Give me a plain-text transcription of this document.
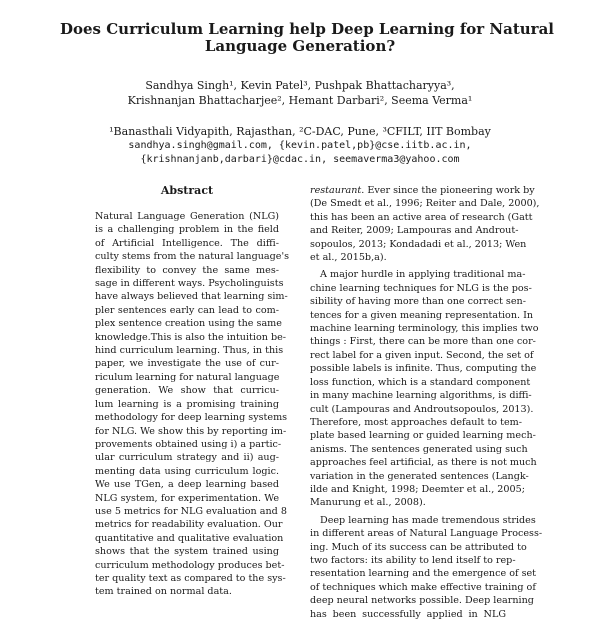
Does Curriculum Learning help Deep Learning for Natural
Language Generation?
Sandhya Singh¹, Kevin Patel³, Pushpak Bhattacharyya³,
Krishnanjan Bhattacharjee², Hemant Darbari², Seema Verma¹
¹Banasthali Vidyapith, Rajasthan, ²C-DAC, Pune, ³CFILT, IIT Bombay
sandhya.singh@gmail.com, {kevin.patel,pb}@cse.iitb.ac.in,
{krishnanjanb,darbari}@cdac.in, seemaverma3@yahoo.com
Abstract
Natural Language Generation (NLG)
is a challenging problem in the field
of Artificial Intelligence. The diffi-
culty stems from the natural language's
flexibility to convey the same mes-
sage in different ways. Psycholinguists
have always believed that learning sim-
pler sentences early can lead to com-
plex sentence creation using the same
knowledge.This is also the intuition be-
hind curriculum learning. Thus, in this
paper, we investigate the use of cur-
riculum learning for natural language
generation. We show that curricu-
lum learning is a promising training
methodology for deep learning systems
for NLG. We show this by reporting im-
provements obtained using i) a partic-
ular curriculum strategy and ii) aug-
menting data using curriculum logic.
We use TGen, a deep learning based
NLG system, for experimentation. We
use 5 metrics for NLG evaluation and 8
metrics for readability evaluation. Our
quantitative and qualitative evaluation
shows that the system trained using
curriculum methodology produces bet-
ter quality text as compared to the sys-
tem trained on normal data.
restaurant. Ever since the pioneering work by
(De Smedt et al., 1996; Reiter and Dale, 2000),
this has been an active area of research (Gatt
and Reiter, 2009; Lampouras and Androut-
sopoulos, 2013; Kondadadi et al., 2013; Wen
et al., 2015b,a).
A major hurdle in applying traditional ma-
chine learning techniques for NLG is the pos-
sibility of having more than one correct sen-
tences for a given meaning representation. In
machine learning terminology, this implies two
things : First, there can be more than one cor-
rect label for a given input. Second, the set of
possible labels is infinite. Thus, computing the
loss function, which is a standard component
in many machine learning algorithms, is diffi-
cult (Lampouras and Androutsopoulos, 2013).
Therefore, most approaches default to tem-
plate based learning or guided learning mech-
anisms. The sentences generated using such
approaches feel artificial, as there is not much
variation in the generated sentences (Langk-
ilde and Knight, 1998; Deemter et al., 2005;
Manurung et al., 2008).
Deep learning has made tremendous strides
in different areas of Natural Language Process-
ing. Much of its success can be attributed to
two factors: its ability to lend itself to rep-
resentation learning and the emergence of set
of techniques which make effective training of
deep neural networks possible. Deep learning
has been successfully applied in NLG
